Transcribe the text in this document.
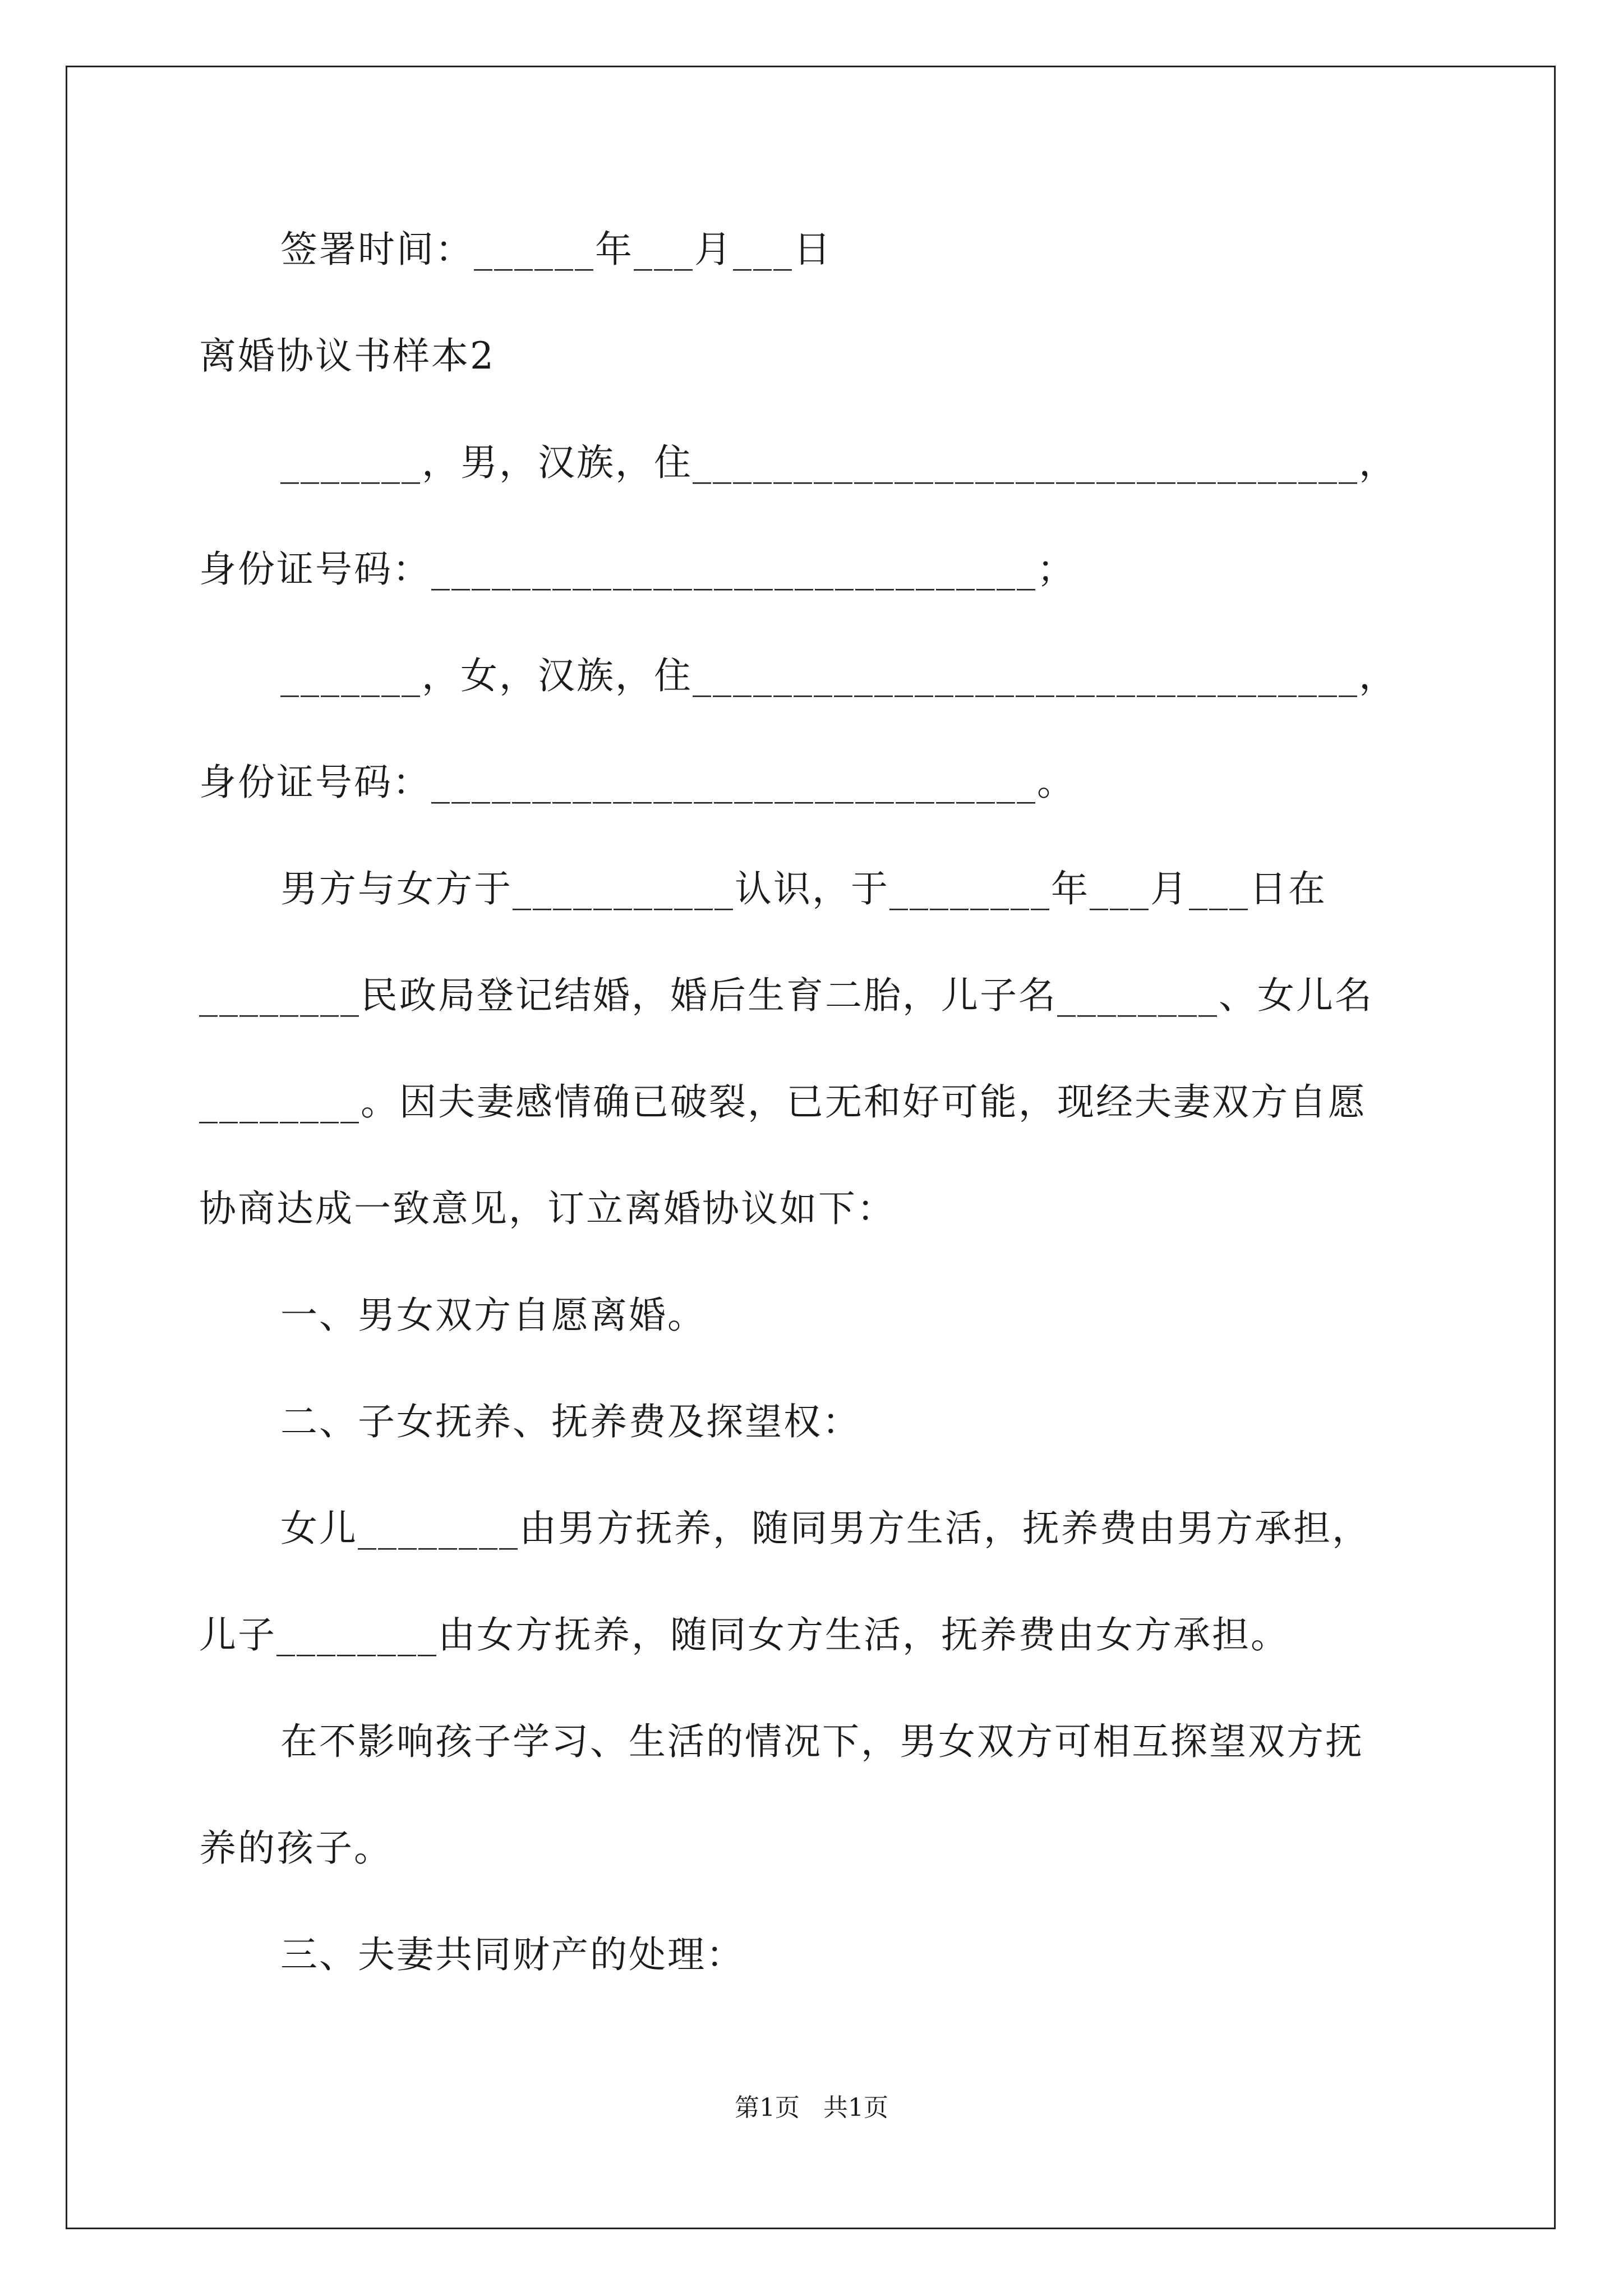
签署时间：______年___月___日
离婚协议书样本2
_______，男，汉族，住_________________________________，
身份证号码：______________________________；
_______，女，汉族，住_________________________________，
身份证号码：______________________________。
男方与女方于___________认识，于________年___月___日在
________民政局登记结婚，婚后生育二胎，儿子名________、女儿名
________。因夫妻感情确已破裂，已无和好可能，现经夫妻双方自愿
协商达成一致意见，订立离婚协议如下：
一、男女双方自愿离婚。
二、子女抚养、抚养费及探望权：
女儿________由男方抚养，随同男方生活，抚养费由男方承担，
儿子________由女方抚养，随同女方生活，抚养费由女方承担。
在不影响孩子学习、生活的情况下，男女双方可相互探望双方抚
养的孩子。
三、夫妻共同财产的处理：
第1页   共1页
